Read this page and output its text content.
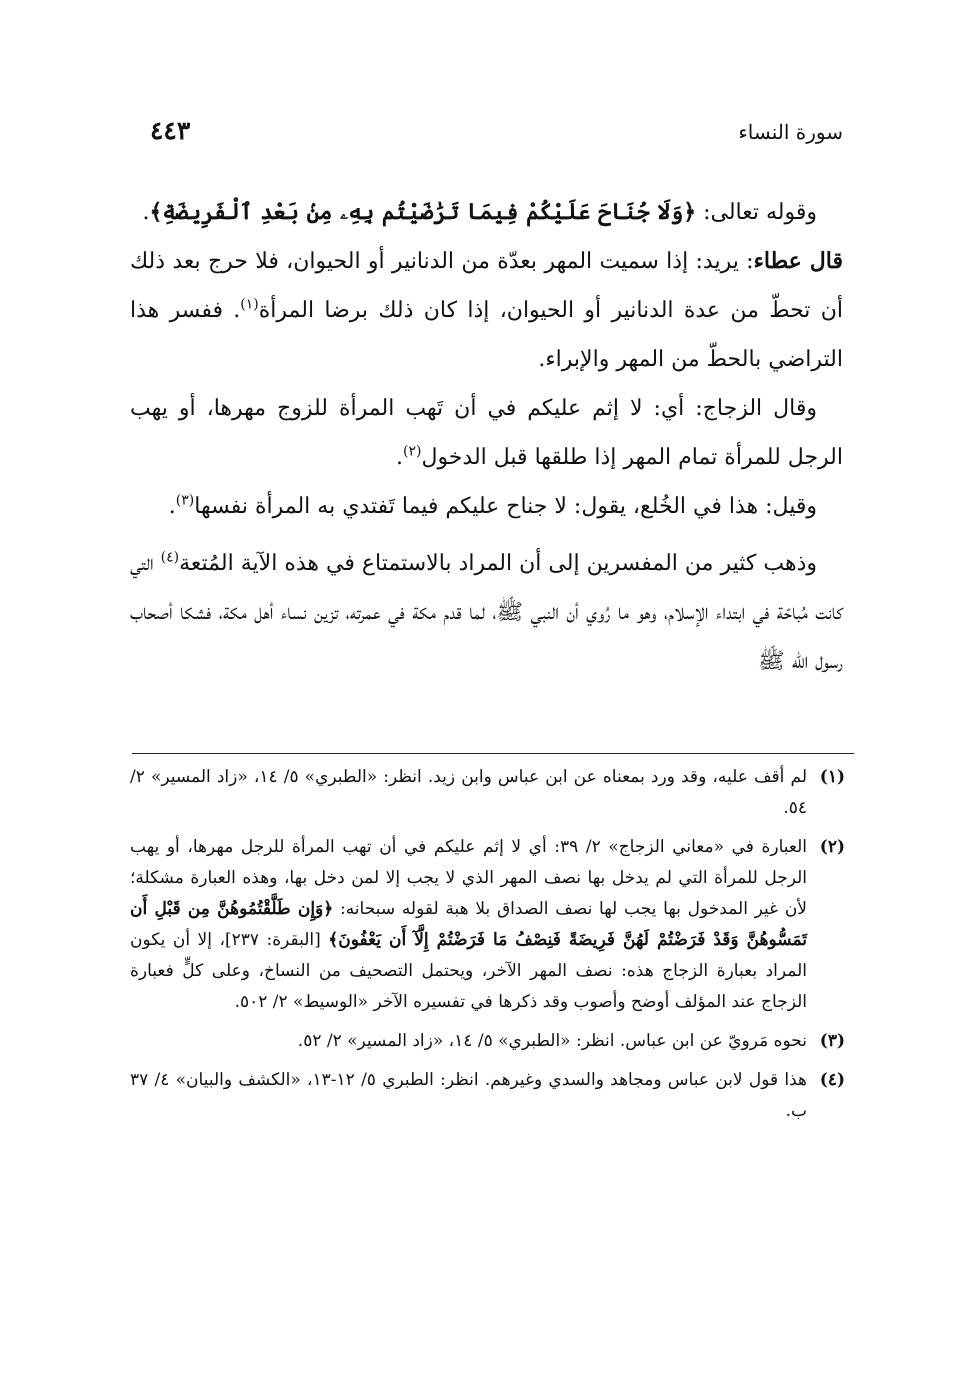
سورة النساء
٤٤٣

وقوله تعالى: ﴿وَلَا جُنَاحَ عَلَيْكُمْ فِيمَا تَرَٰضَيْتُم بِهِۦ مِنۢ بَعْدِ ٱلْفَرِيضَةِ﴾.

قال عطاء: يريد: إذا سميت المهر بعدّة من الدنانير أو الحيوان، فلا حرج بعد ذلك أن تحطّ من عدة الدنانير أو الحيوان، إذا كان ذلك برضا المرأة$^{(١)}$. ففسر هذا التراضي بالحطّ من المهر والإبراء.

وقال الزجاج: أي: لا إثم عليكم في أن تَهب المرأة للزوج مهرها، أو يهب الرجل للمرأة تمام المهر إذا طلقها قبل الدخول$^{(٢)}$.

وقيل: هذا في الخُلع، يقول: لا جناح عليكم فيما تَفتدي به المرأة نفسها$^{(٣)}$.

وذهب كثير من المفسرين إلى أن المراد بالاستمتاع في هذه الآية المُتعة$^{(٤)}$ التي كانت مُباحّة في ابتداء الإسلام، وهو ما رُوي أن النبي ﷺ، لما قدم مكة في عمرته، تزين نساء أهل مكة، فشكا أصحاب رسول الله ﷺ

(١)
لم أقف عليه، وقد ورد بمعناه عن ابن عباس وابن زيد. انظر: «الطبري» ٥/ ١٤، «زاد المسير» ٢/ ٥٤.
(٢)
العبارة في «معاني الزجاج» ٢/ ٣٩: أي لا إثم عليكم في أن تهب المرأة للرجل مهرها، أو يهب الرجل للمرأة التي لم يدخل بها نصف المهر الذي لا يجب إلا لمن دخل بها، وهذه العبارة مشكلة؛ لأن غير المدخول بها يجب لها نصف الصداق بلا هبة لقوله سبحانه: ﴿وَإِن طَلَّقْتُمُوهُنَّ مِن قَبْلِ أَن تَمَسُّوهُنَّ وَقَدْ فَرَضْتُمْ لَهُنَّ فَرِيضَةً فَنِصْفُ مَا فَرَضْتُمْ إِلَّآ أَن يَعْفُونَ﴾ [البقرة: ٢٣٧]، إلا أن يكون المراد بعبارة الزجاج هذه: نصف المهر الآخر، ويحتمل التصحيف من النساخ، وعلى كلٍّ فعبارة الزجاج عند المؤلف أوضح وأصوب وقد ذكرها في تفسيره الآخر «الوسيط» ٢/ ٥٠٢.
(٣)
نحوه مَرويّ عن ابن عباس. انظر: «الطبري» ٥/ ١٤، «زاد المسير» ٢/ ٥٢.
(٤)
هذا قول لابن عباس ومجاهد والسدي وغيرهم. انظر: الطبري ٥/ ١٢-١٣، «الكشف والبيان» ٤/ ٣٧ ب.
